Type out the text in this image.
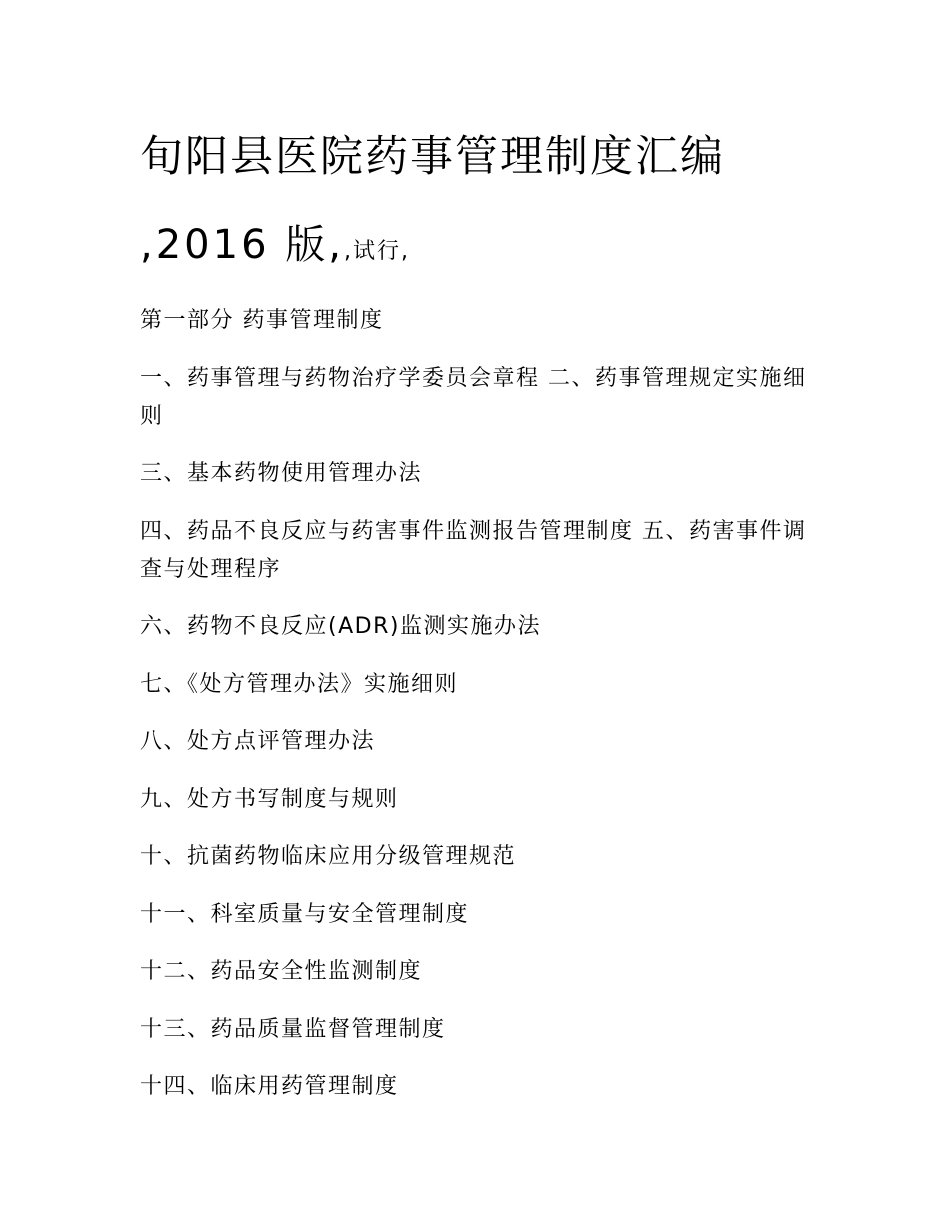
旬阳县医院药事管理制度汇编
,2016 版,,试行,
第一部分 药事管理制度
一、药事管理与药物治疗学委员会章程 二、药事管理规定实施细则
三、基本药物使用管理办法
四、药品不良反应与药害事件监测报告管理制度 五、药害事件调查与处理程序
六、药物不良反应(ADR)监测实施办法
七、《处方管理办法》实施细则
八、处方点评管理办法
九、处方书写制度与规则
十、抗菌药物临床应用分级管理规范
十一、科室质量与安全管理制度
十二、药品安全性监测制度
十三、药品质量监督管理制度
十四、临床用药管理制度
